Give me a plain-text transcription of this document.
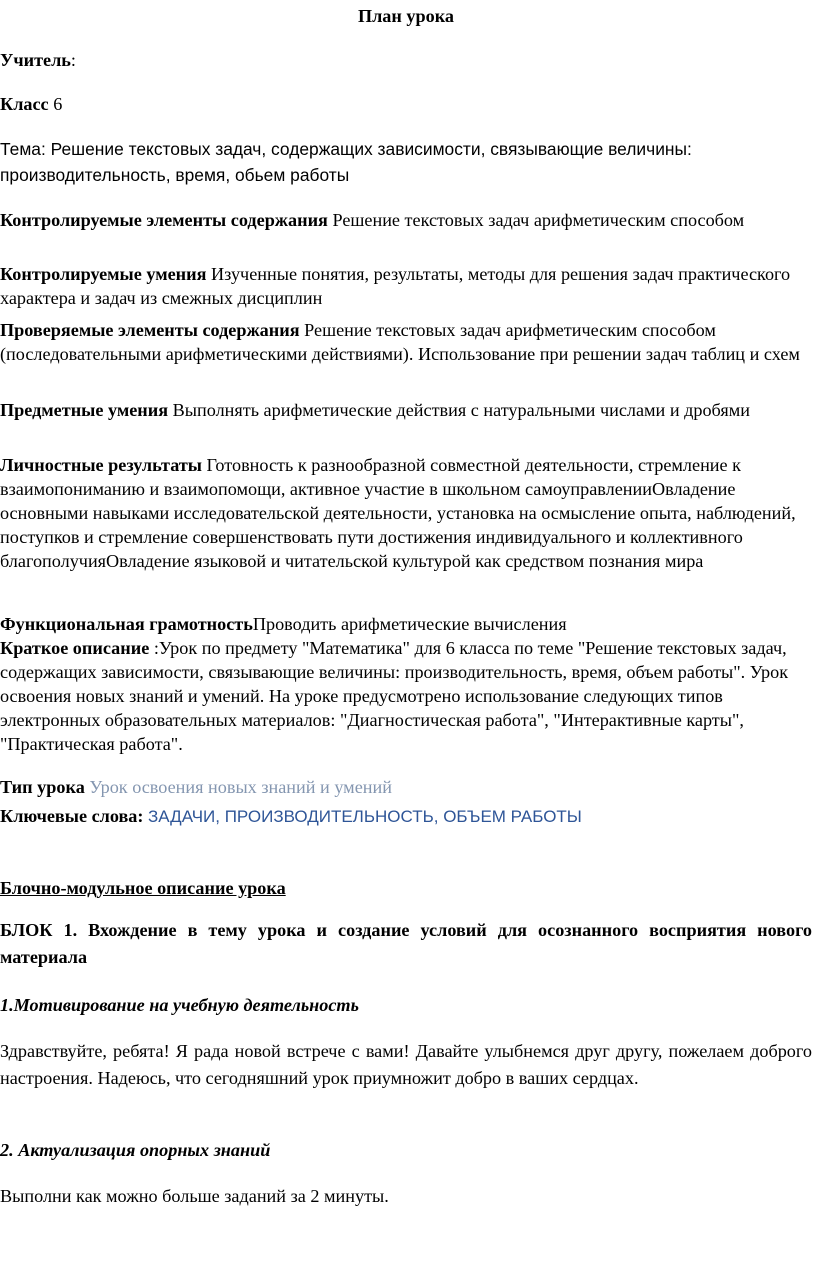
План урока
Учитель:
Класс 6
Тема: Решение текстовых задач, содержащих зависимости, связывающие величины: производительность, время, обьем работы
Контролируемые элементы содержания Решение текстовых задач арифметическим способом
Контролируемые умения Изученные понятия, результаты, методы для решения задач практического характера и задач из смежных дисциплин
Проверяемые элементы содержания Решение текстовых задач арифметическим способом (последовательными арифметическими действиями). Использование при решении задач таблиц и схем
Предметные умения Выполнять арифметические действия с натуральными числами и дробями
Личностные результаты Готовность к разнообразной совместной деятельности, стремление к взаимопониманию и взаимопомощи, активное участие в школьном самоуправленииОвладение основными навыками исследовательской деятельности, установка на осмысление опыта, наблюдений, поступков и стремление совершенствовать пути достижения индивидуального и коллективного благополучияОвладение языковой и читательской культурой как средством познания мира
Функциональная грамотностьПроводить арифметические вычисления
Краткое описание :Урок по предмету "Математика" для 6 класса по теме "Решение текстовых задач, содержащих зависимости, связывающие величины: производительность, время, объем работы". Урок освоения новых знаний и умений. На уроке предусмотрено использование следующих типов электронных образовательных материалов: "Диагностическая работа", "Интерактивные карты", "Практическая работа".
Тип урока Урок освоения новых знаний и умений
Ключевые слова: ЗАДАЧИ, ПРОИЗВОДИТЕЛЬНОСТЬ, ОБЪЕМ РАБОТЫ
Блочно-модульное описание урока
БЛОК 1. Вхождение в тему урока и создание условий для осознанного восприятия нового материала
1.Мотивирование на учебную деятельность
Здравствуйте, ребята! Я рада новой встрече с вами! Давайте улыбнемся друг другу, пожелаем доброго настроения. Надеюсь, что сегодняшний урок приумножит добро в ваших сердцах.
2. Актуализация опорных знаний
Выполни как можно больше заданий за 2 минуты.
